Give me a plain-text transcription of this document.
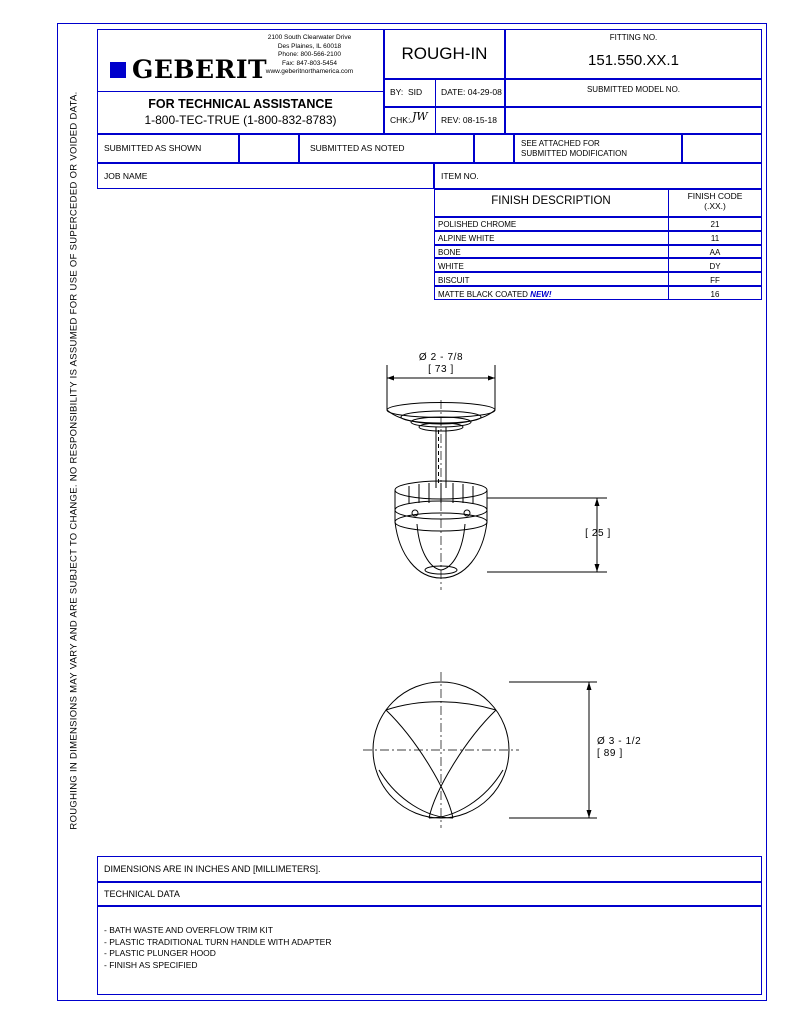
ROUGHING IN DIMENSIONS MAY VARY AND ARE SUBJECT TO CHANGE. NO RESPONSIBILITY IS ASSUMED FOR USE OF SUPERCEDED OR VOIDED DATA.
GEBERIT
2100 South Clearwater Drive
Des Plaines, IL 60018
Phone: 800-566-2100
Fax: 847-803-5454
www.geberitnorthamerica.com
FOR TECHNICAL ASSISTANCE
1-800-TEC-TRUE (1-800-832-8783)
ROUGH-IN
FITTING NO.
151.550.XX.1
BY: SID DATE: 04-29-08
CHK: JW REV: 08-15-18
SUBMITTED MODEL NO.
SUBMITTED AS SHOWN	SUBMITTED AS NOTED	SEE ATTACHED FOR
SUBMITTED MODIFICATION
JOB NAME	ITEM NO.
FINISH DESCRIPTION	FINISH CODE
(.XX.)
POLISHED CHROME	21
ALPINE WHITE	11
BONE	AA
WHITE	DY
BISCUIT	FF
MATTE BLACK COATED NEW!	16
Ø 2 - 7/8
[ 73 ]
[ 25 ]
Ø 3 - 1/2
[ 89 ]
DIMENSIONS ARE IN INCHES AND [MILLIMETERS].
TECHNICAL DATA
- BATH WASTE AND OVERFLOW TRIM KIT
- PLASTIC TRADITIONAL TURN HANDLE WITH ADAPTER
- PLASTIC PLUNGER HOOD
- FINISH AS SPECIFIED
